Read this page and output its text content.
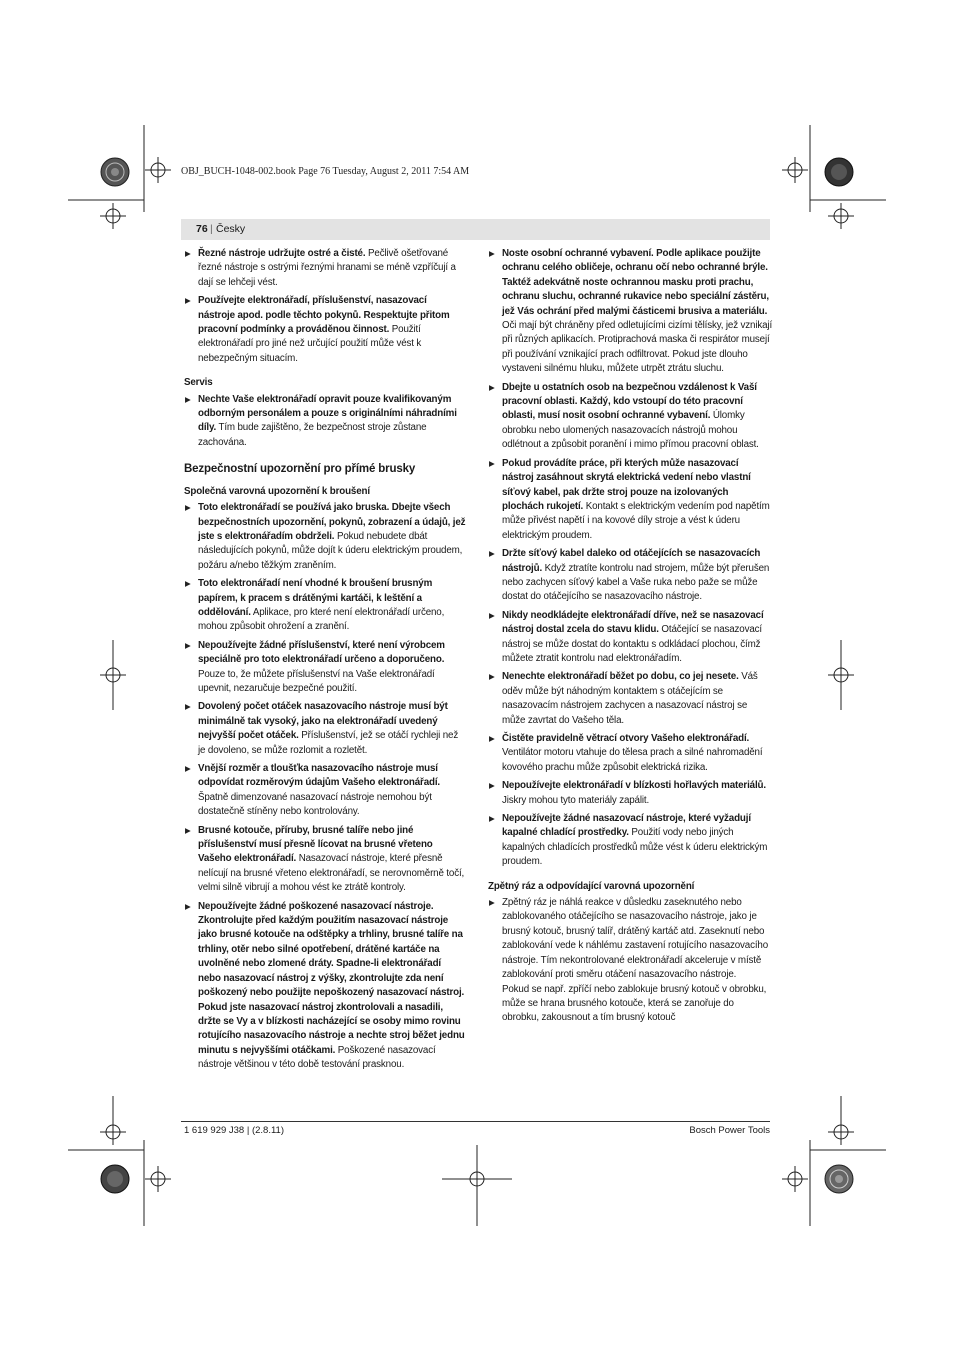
OBJ_BUCH-1048-002.book Page 76 Tuesday, August 2, 2011 7:54 AM
76 | Česky
▶ Řezné nástroje udržujte ostré a čisté. Pečlivě ošetřované řezné nástroje s ostrými řeznými hranami se méně vzpříčují a dají se lehčeji vést.
▶ Používejte elektronářadí, příslušenství, nasazovací nástroje apod. podle těchto pokynů. Respektujte přitom pracovní podmínky a prováděnou činnost. Použití elektronářadí pro jiné než určující použití může vést k nebezpečným situacím.
Servis
▶ Nechte Vaše elektronářadí opravit pouze kvalifikovaným odborným personálem a pouze s originálními náhradními díly. Tím bude zajištěno, že bezpečnost stroje zůstane zachována.
Bezpečnostní upozornění pro přímé brusky
Společná varovná upozornění k broušení
▶ Toto elektronářadí se používá jako bruska. Dbejte všech bezpečnostních upozornění, pokynů, zobrazení a údajů, jež jste s elektronářadím obdrželi. Pokud nebudete dbát následujících pokynů, může dojít k úderu elektrickým proudem, požáru a/nebo těžkým zraněním.
▶ Toto elektronářadí není vhodné k broušení brusným papírem, k pracem s drátěnými kartáči, k leštění a oddělování. Aplikace, pro které není elektronářadí určeno, mohou způsobit ohrožení a zranění.
▶ Nepoužívejte žádné příslušenství, které není výrobcem speciálně pro toto elektronářadí určeno a doporučeno. Pouze to, že můžete příslušenství na Vaše elektronářadí upevnit, nezaručuje bezpečné použití.
▶ Dovolený počet otáček nasazovacího nástroje musí být minimálně tak vysoký, jako na elektronářadí uvedený nejvyšší počet otáček. Příslušenství, jež se otáčí rychleji než je dovoleno, se může rozlomit a rozletět.
▶ Vnější rozměr a tloušťka nasazovacího nástroje musí odpovídat rozměrovým údajům Vašeho elektronářadí. Špatně dimenzované nasazovací nástroje nemohou být dostatečně stíněny nebo kontrolovány.
▶ Brusné kotouče, příruby, brusné talíře nebo jiné příslušenství musí přesně lícovat na brusné vřeteno Vašeho elektronářadí. Nasazovací nástroje, které přesně nelícují na brusné vřeteno elektronářadí, se nerovnoměrně točí, velmi silně vibrují a mohou vést ke ztrátě kontroly.
▶ Nepoužívejte žádné poškozené nasazovací nástroje. Zkontrolujte před každým použitím nasazovací nástroje jako brusné kotouče na odštěpky a trhliny, brusné talíře na trhliny, otěr nebo silné opotřebení, drátěné kartáče na uvolněné nebo zlomené dráty. Spadne-li elektronářadí nebo nasazovací nástroj z výšky, zkontrolujte zda není poškozený nebo použijte nepoškozený nasazovací nástroj. Pokud jste nasazovací nástroj zkontrolovali a nasadili, držte se Vy a v blízkosti nacházející se osoby mimo rovinu rotujícího nasazovacího nástroje a nechte stroj běžet jednu minutu s nejvyššími otáčkami. Poškozené nasazovací nástroje většinou v této době testování prasknou.
▶ Noste osobní ochranné vybavení. Podle aplikace použijte ochranu celého obličeje, ochranu očí nebo ochranné brýle. Taktéž adekvátně noste ochrannou masku proti prachu, ochranu sluchu, ochranné rukavice nebo speciální zástěru, jež Vás ochrání před malými částicemi brusiva a materiálu. Oči mají být chráněny před odletujícími cizími tělísky, jež vznikají při různých aplikacích. Protiprachová maska či respirátor musejí při používání vznikající prach odfiltrovat. Pokud jste dlouho vystaveni silnému hluku, můžete utrpět ztrátu sluchu.
▶ Dbejte u ostatních osob na bezpečnou vzdálenost k Vaší pracovní oblasti. Každý, kdo vstoupí do této pracovní oblasti, musí nosit osobní ochranné vybavení. Úlomky obrobku nebo ulomených nasazovacích nástrojů mohou odlétnout a způsobit poranění i mimo přímou pracovní oblast.
▶ Pokud provádíte práce, při kterých může nasazovací nástroj zasáhnout skrytá elektrická vedení nebo vlastní síťový kabel, pak držte stroj pouze na izolovaných plochách rukojetí. Kontakt s elektrickým vedením pod napětím může přivést napětí i na kovové díly stroje a vést k úderu elektrickým proudem.
▶ Držte síťový kabel daleko od otáčejících se nasazovacích nástrojů. Když ztratíte kontrolu nad strojem, může být přerušen nebo zachycen síťový kabel a Vaše ruka nebo paže se může dostat do otáčejícího se nasazovacího nástroje.
▶ Nikdy neodkládejte elektronářadí dříve, než se nasazovací nástroj dostal zcela do stavu klidu. Otáčející se nasazovací nástroj se může dostat do kontaktu s odkládací plochou, čímž můžete ztratit kontrolu nad elektronářadím.
▶ Nenechte elektronářadí běžet po dobu, co jej nesete. Váš oděv může být náhodným kontaktem s otáčejícím se nasazovacím nástrojem zachycen a nasazovací nástroj se může zavrtat do Vašeho těla.
▶ Čistěte pravidelně větrací otvory Vašeho elektronářadí. Ventilátor motoru vtahuje do tělesa prach a silné nahromadění kovového prachu může způsobit elektrická rizika.
▶ Nepoužívejte elektronářadí v blízkosti hořlavých materiálů. Jiskry mohou tyto materiály zapálit.
▶ Nepoužívejte žádné nasazovací nástroje, které vyžadují kapalné chladící prostředky. Použití vody nebo jiných kapalných chladících prostředků může vést k úderu elektrickým proudem.
Zpětný ráz a odpovídající varovná upozornění
▶ Zpětný ráz je náhlá reakce v důsledku zaseknutého nebo zablokovaného otáčejícího se nasazovacího nástroje, jako je brusný kotouč, brusný talíř, drátěný kartáč atd. Zaseknutí nebo zablokování vede k náhlému zastavení rotujícího nasazovacího nástroje. Tím nekontrolované elektronářadí akceleruje v místě zablokování proti směru otáčení nasazovacího nástroje.
Pokud se např. zpříčí nebo zablokuje brusný kotouč v obrobku, může se hrana brusného kotouče, která se zanořuje do obrobku, zakousnout a tím brusný kotouč
1 619 929 J38 | (2.8.11)	Bosch Power Tools
